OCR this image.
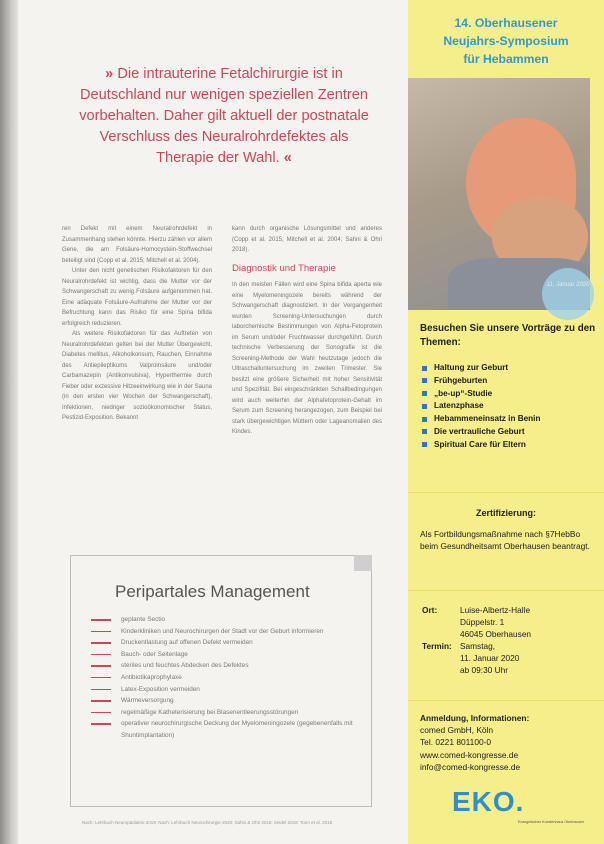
» Die intrauterine Fetalchirurgie ist in
Deutschland nur wenigen speziellen Zentren
vorbehalten. Daher gilt aktuell der postnatale
Verschluss des Neuralrohrdefektes als
Therapie der Wahl. «
ren Defekt mit einem Neuralrohrdefekt in Zusammenhang stehen könnte. Hierzu zählen vor allem Gene, die am Folsäure-Homocystein-Stoffwechsel beteiligt sind (Copp et al. 2015; Mitchell et al. 2004).
Unter den nicht genetischen Risikofaktoren für den Neuralrohrdefekt ist wichtig, dass die Mutter vor der Schwangerschaft zu wenig Folsäure aufgenommen hat. Eine adäquate Folsäure-Aufnahme der Mutter vor der Befruchtung kann das Risiko für eine Spina bifida erfolgreich reduzieren.
Als weitere Risikofaktoren für das Auftreten von Neuralrohrdefekten gelten bei der Mutter Übergewicht, Diabetes mellitus, Alkoholkonsum, Rauchen, Einnahme des Antiepileptikums Valproinsäure und/oder Carbamazepin (Antikonvulsiva), Hyperthermie durch Fieber oder exzessive Hitzeeinwirkung wie in der Sauna (in den ersten vier Wochen der Schwangerschaft), Infektionen, niedriger sozioökonomischer Status, Pestizid-Exposition. Bekannt
kann durch organische Lösungsmittel und anderes (Copp et al. 2015; Mitchell et al. 2004; Sahni & Ohri 2018).
Diagnostik und Therapie
In den meisten Fällen wird eine Spina bifida aperta wie eine Myelomeningozele bereits während der Schwangerschaft diagnostiziert. In der Vergangenheit wurden Screening-Untersuchungen durch laborchemische Bestimmungen von Alpha-Fetoprotein im Serum und/oder Fruchtwasser durchgeführt. Durch technische Verbesserung der Sonografie ist die Screening-Methode der Wahl heutzutage jedoch die Ultraschalluntersuchung im zweiten Trimester. Sie besitzt eine größere Sicherheit mit hoher Sensitivität und Spezifität. Bei eingeschränkten Schallbedingungen wird auch weiterhin der Alphafetoprotein-Gehalt im Serum zum Screening herangezogen, zum Beispiel bei stark übergewichtigen Müttern oder Lageanomalien des Kindes.
Peripartales Management
geplante Sectio
Kinderkliniken und Neurochirurgen der Stadt vor der Geburt informieren
Druckentlastung auf offenen Defekt vermeiden
Bauch- oder Seitenlage
steriles und feuchtes Abdecken des Defektes
Antibiotikaprophylaxe
Latex-Exposition vermeiden
Wärmeversorgung
regelmäßige Katheterisierung bei Blasenentleerungsstörungen
operativer neurochirurgische Deckung der Myelomeningozele (gegebenenfalls mit Shuntimplantation)
Nach: Lehrbuch Neuropädiatrie 2019; Nach: Lehrbuch Neurochirurgie 2020; Sahni & Ohri 2018; Seidel 2018; Tonn et al. 2018
14. Oberhausener
Neujahrs-Symposium
für Hebammen
11. Januar 2020
Besuchen Sie unsere Vorträge zu den Themen:
Haltung zur Geburt
Frühgeburten
„be-up“-Studie
Latenzphase
Hebammeneinsatz in Benin
Die vertrauliche Geburt
Spiritual Care für Eltern
Zertifizierung:
Als Fortbildungsmaßnahme nach §7HebBo beim Gesundheitsamt Oberhausen beantragt.
Ort:	Luise-Albertz-Halle
Düppelstr. 1
46045 Oberhausen
Termin: Samstag,
11. Januar 2020
ab 09:30 Uhr
Anmeldung, Informationen:
comed GmbH, Köln
Tel. 0221 801100-0
www.comed-kongresse.de
info@comed-kongresse.de
EKO.
Evangelisches Krankenhaus Oberhausen
